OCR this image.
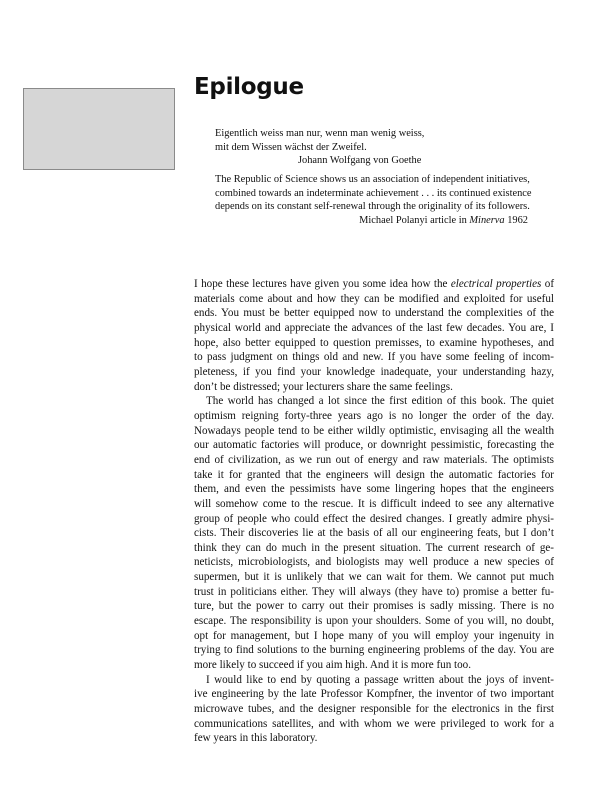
Epilogue

Eigentlich weiss man nur, wenn man wenig weiss,

mit dem Wissen wächst der Zweifel.

Johann Wolfgang von Goethe

The Republic of Science shows us an association of independent initiatives,

combined towards an indeterminate achievement . . . its continued existence

depends on its constant self-renewal through the originality of its followers.

Michael Polanyi article in Minerva 1962

I hope these lectures have given you some idea how the electrical properties of
materials come about and how they can be modified and exploited for useful
ends. You must be better equipped now to understand the complexities of the
physical world and appreciate the advances of the last few decades. You are, I
hope, also better equipped to question premisses, to examine hypotheses, and
to pass judgment on things old and new. If you have some feeling of incom-
pleteness, if you find your knowledge inadequate, your understanding hazy,
don’t be distressed; your lecturers share the same feelings.
The world has changed a lot since the first edition of this book. The quiet
optimism reigning forty-three years ago is no longer the order of the day.
Nowadays people tend to be either wildly optimistic, envisaging all the wealth
our automatic factories will produce, or downright pessimistic, forecasting the
end of civilization, as we run out of energy and raw materials. The optimists
take it for granted that the engineers will design the automatic factories for
them, and even the pessimists have some lingering hopes that the engineers
will somehow come to the rescue. It is difficult indeed to see any alternative
group of people who could effect the desired changes. I greatly admire physi-
cists. Their discoveries lie at the basis of all our engineering feats, but I don’t
think they can do much in the present situation. The current research of ge-
neticists, microbiologists, and biologists may well produce a new species of
supermen, but it is unlikely that we can wait for them. We cannot put much
trust in politicians either. They will always (they have to) promise a better fu-
ture, but the power to carry out their promises is sadly missing. There is no
escape. The responsibility is upon your shoulders. Some of you will, no doubt,
opt for management, but I hope many of you will employ your ingenuity in
trying to find solutions to the burning engineering problems of the day. You are
more likely to succeed if you aim high. And it is more fun too.
I would like to end by quoting a passage written about the joys of invent-
ive engineering by the late Professor Kompfner, the inventor of two important
microwave tubes, and the designer responsible for the electronics in the first
communications satellites, and with whom we were privileged to work for a
few years in this laboratory.
